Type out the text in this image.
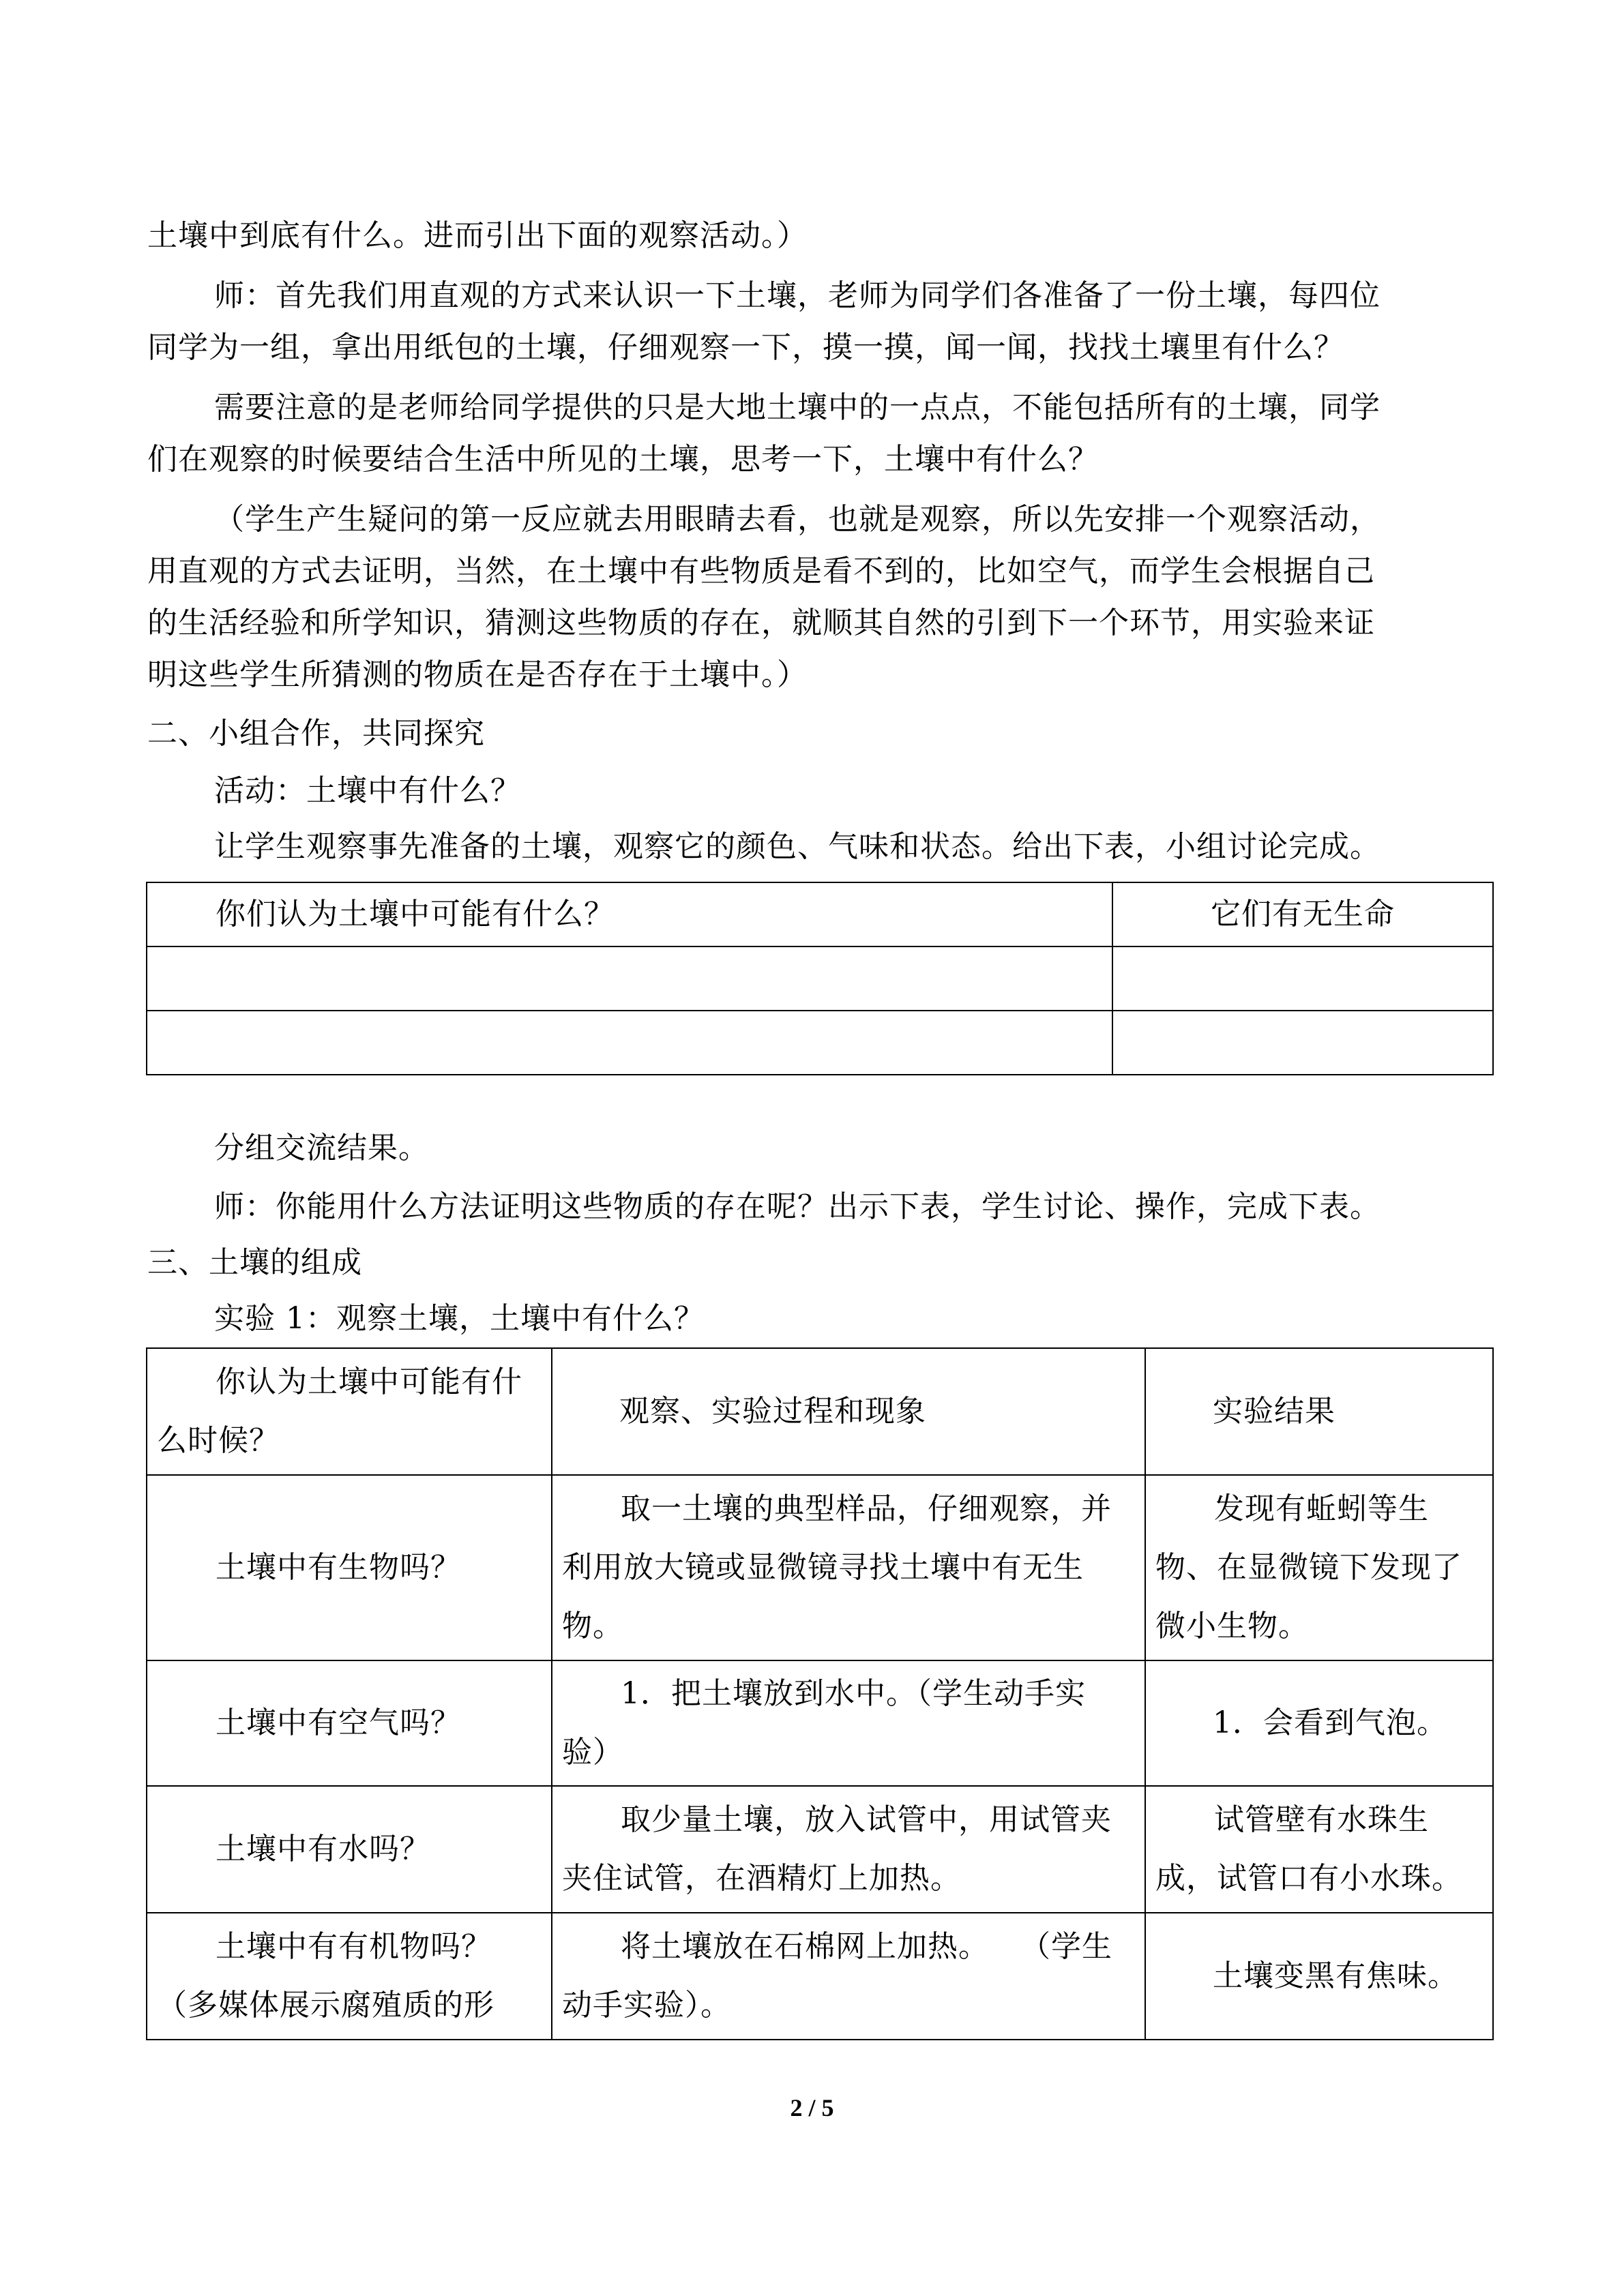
土壤中到底有什么。进而引出下面的观察活动。）
师：首先我们用直观的方式来认识一下土壤，老师为同学们各准备了一份土壤，每四位
同学为一组，拿出用纸包的土壤，仔细观察一下，摸一摸，闻一闻，找找土壤里有什么？
需要注意的是老师给同学提供的只是大地土壤中的一点点，不能包括所有的土壤，同学
们在观察的时候要结合生活中所见的土壤，思考一下，土壤中有什么？
（学生产生疑问的第一反应就去用眼睛去看，也就是观察，所以先安排一个观察活动，
用直观的方式去证明，当然，在土壤中有些物质是看不到的，比如空气，而学生会根据自己
的生活经验和所学知识，猜测这些物质的存在，就顺其自然的引到下一个环节，用实验来证
明这些学生所猜测的物质在是否存在于土壤中。）
二、小组合作，共同探究
活动：土壤中有什么？
让学生观察事先准备的土壤，观察它的颜色、气味和状态。给出下表，小组讨论完成。
你们认为土壤中可能有什么？	它们有无生命

分组交流结果。
师：你能用什么方法证明这些物质的存在呢？出示下表，学生讨论、操作，完成下表。
三、土壤的组成
实验 1：观察土壤，土壤中有什么？
你认为土壤中可能有什
么时候？	观察、实验过程和现象	实验结果
土壤中有生物吗？	取一土壤的典型样品，仔细观察，并
利用放大镜或显微镜寻找土壤中有无生
物。	发现有蚯蚓等生
物、在显微镜下发现了
微小生物。

土壤中有空气吗？	1．把土壤放到水中。（学生动手实
验）	1．会看到气泡。
土壤中有水吗？	取少量土壤，放入试管中，用试管夹
夹住试管，在酒精灯上加热。	试管壁有水珠生
成，试管口有小水珠。

土壤中有有机物吗？
（多媒体展示腐殖质的形	将土壤放在石棉网上加热。　　（学生
动手实验）。	土壤变黑有焦味。
2 / 5
